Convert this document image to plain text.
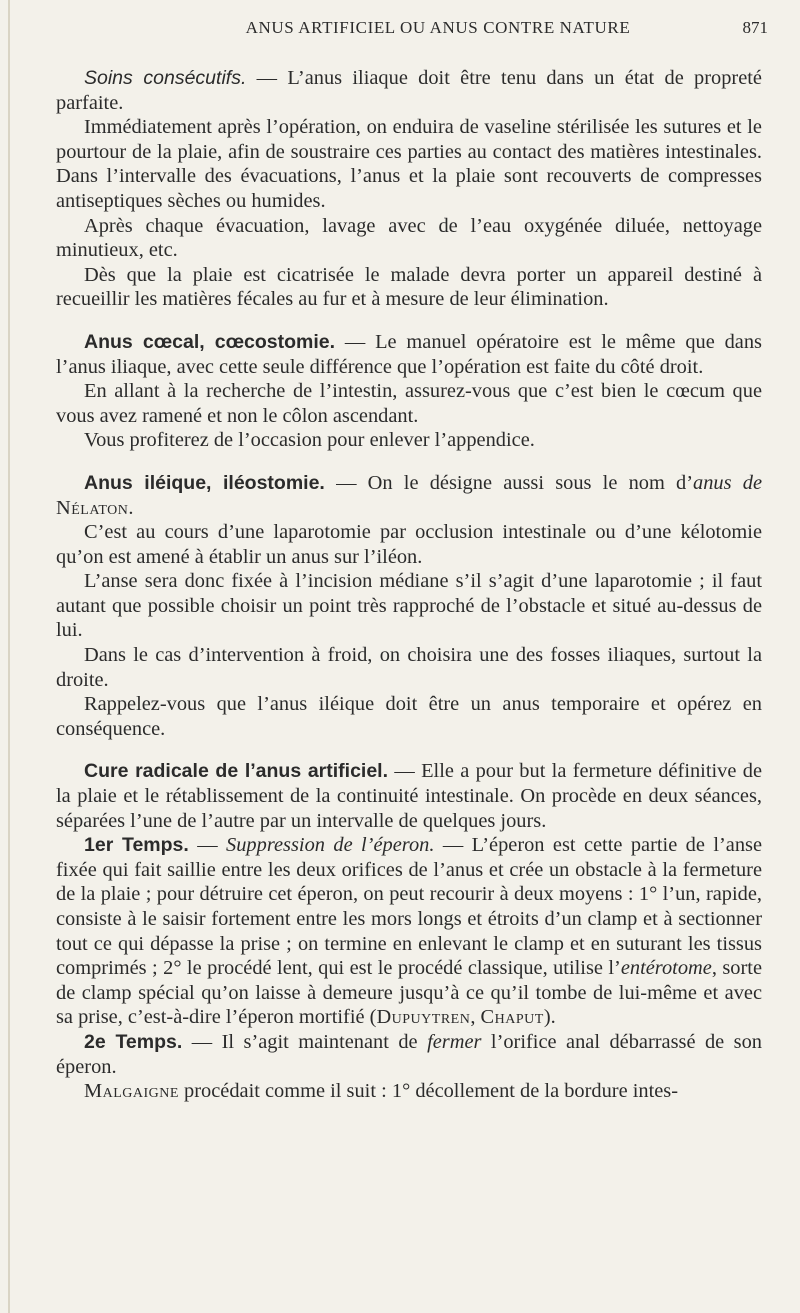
ANUS ARTIFICIEL OU ANUS CONTRE NATURE	871

Soins consécutifs. — L’anus iliaque doit être tenu dans un état de propreté parfaite.

Immédiatement après l’opération, on enduira de vaseline stérilisée les sutures et le pourtour de la plaie, afin de soustraire ces parties au contact des matières intestinales. Dans l’intervalle des évacuations, l’anus et la plaie sont recouverts de compresses antiseptiques sèches ou humides.

Après chaque évacuation, lavage avec de l’eau oxygénée diluée, nettoyage minutieux, etc.

Dès que la plaie est cicatrisée le malade devra porter un appareil destiné à recueillir les matières fécales au fur et à mesure de leur élimination.

Anus cœcal, cœcostomie. — Le manuel opératoire est le même que dans l’anus iliaque, avec cette seule différence que l’opération est faite du côté droit.

En allant à la recherche de l’intestin, assurez-vous que c’est bien le cœcum que vous avez ramené et non le côlon ascendant.

Vous profiterez de l’occasion pour enlever l’appendice.

Anus iléique, iléostomie. — On le désigne aussi sous le nom d’anus de Nélaton.

C’est au cours d’une laparotomie par occlusion intestinale ou d’une kélotomie qu’on est amené à établir un anus sur l’iléon.

L’anse sera donc fixée à l’incision médiane s’il s’agit d’une laparotomie ; il faut autant que possible choisir un point très rapproché de l’obstacle et situé au-dessus de lui.

Dans le cas d’intervention à froid, on choisira une des fosses iliaques, surtout la droite.

Rappelez-vous que l’anus iléique doit être un anus temporaire et opérez en conséquence.

Cure radicale de l’anus artificiel. — Elle a pour but la fermeture définitive de la plaie et le rétablissement de la continuité intestinale. On procède en deux séances, séparées l’une de l’autre par un intervalle de quelques jours.

1er Temps. — Suppression de l’éperon. — L’éperon est cette partie de l’anse fixée qui fait saillie entre les deux orifices de l’anus et crée un obstacle à la fermeture de la plaie ; pour détruire cet éperon, on peut recourir à deux moyens : 1° l’un, rapide, consiste à le saisir fortement entre les mors longs et étroits d’un clamp et à sectionner tout ce qui dépasse la prise ; on termine en enlevant le clamp et en suturant les tissus comprimés ; 2° le procédé lent, qui est le procédé classique, utilise l’entérotome, sorte de clamp spécial qu’on laisse à demeure jusqu’à ce qu’il tombe de lui-même et avec sa prise, c’est-à-dire l’éperon mortifié (Dupuytren, Chaput).

2e Temps. — Il s’agit maintenant de fermer l’orifice anal débarrassé de son éperon.

Malgaigne procédait comme il suit : 1° décollement de la bordure intes-
